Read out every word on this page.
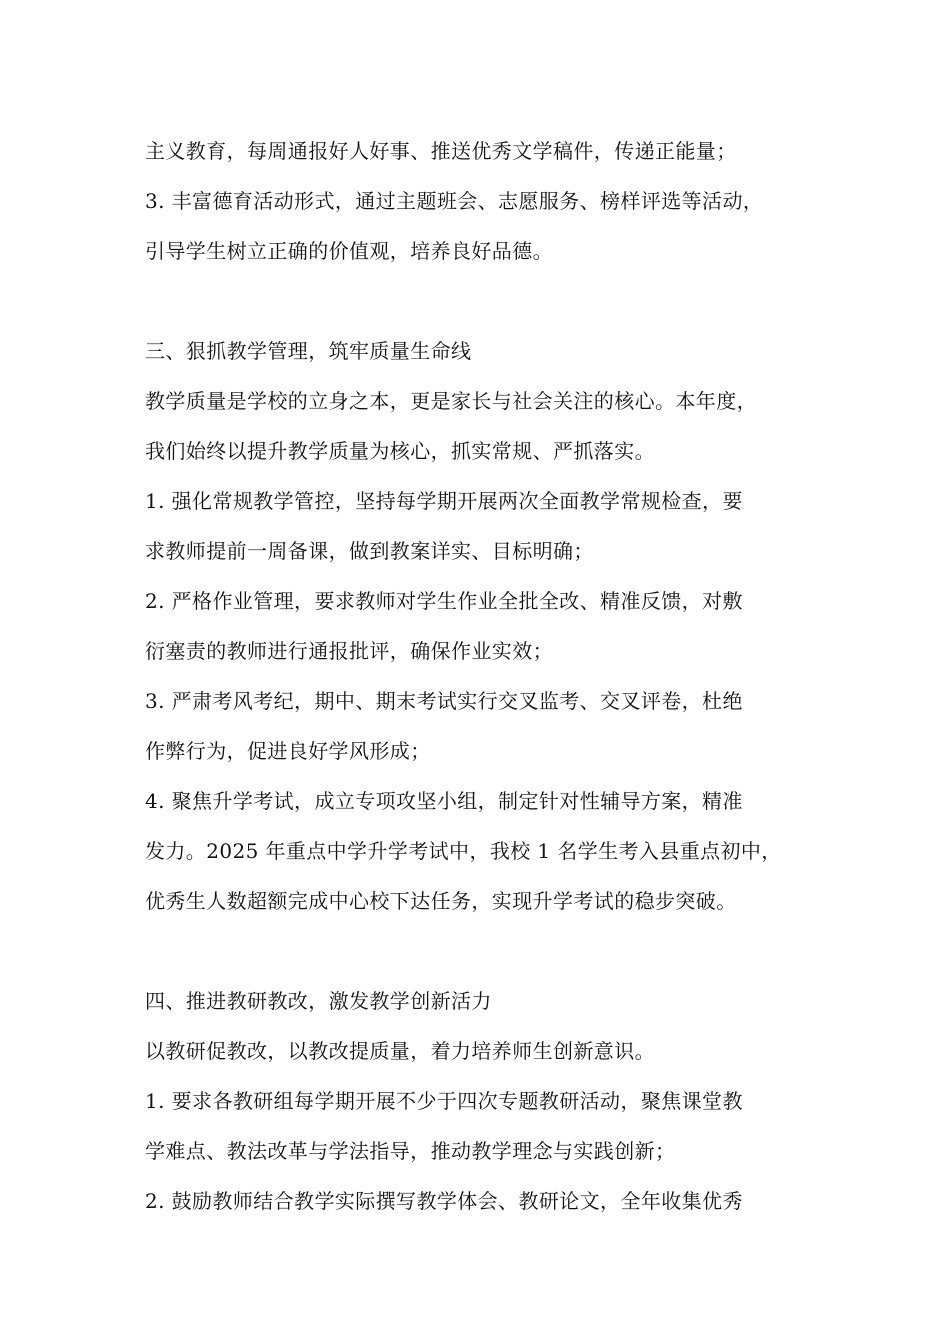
主义教育，每周通报好人好事、推送优秀文学稿件，传递正能量；
3. 丰富德育活动形式，通过主题班会、志愿服务、榜样评选等活动，
引导学生树立正确的价值观，培养良好品德。
三、狠抓教学管理，筑牢质量生命线
教学质量是学校的立身之本，更是家长与社会关注的核心。本年度，
我们始终以提升教学质量为核心，抓实常规、严抓落实。
1. 强化常规教学管控，坚持每学期开展两次全面教学常规检查，要
求教师提前一周备课，做到教案详实、目标明确；
2. 严格作业管理，要求教师对学生作业全批全改、精准反馈，对敷
衍塞责的教师进行通报批评，确保作业实效；
3. 严肃考风考纪，期中、期末考试实行交叉监考、交叉评卷，杜绝
作弊行为，促进良好学风形成；
4. 聚焦升学考试，成立专项攻坚小组，制定针对性辅导方案，精准
发力。2025 年重点中学升学考试中，我校 1 名学生考入县重点初中，
优秀生人数超额完成中心校下达任务，实现升学考试的稳步突破。
四、推进教研教改，激发教学创新活力
以教研促教改，以教改提质量，着力培养师生创新意识。
1. 要求各教研组每学期开展不少于四次专题教研活动，聚焦课堂教
学难点、教法改革与学法指导，推动教学理念与实践创新；
2. 鼓励教师结合教学实际撰写教学体会、教研论文，全年收集优秀
